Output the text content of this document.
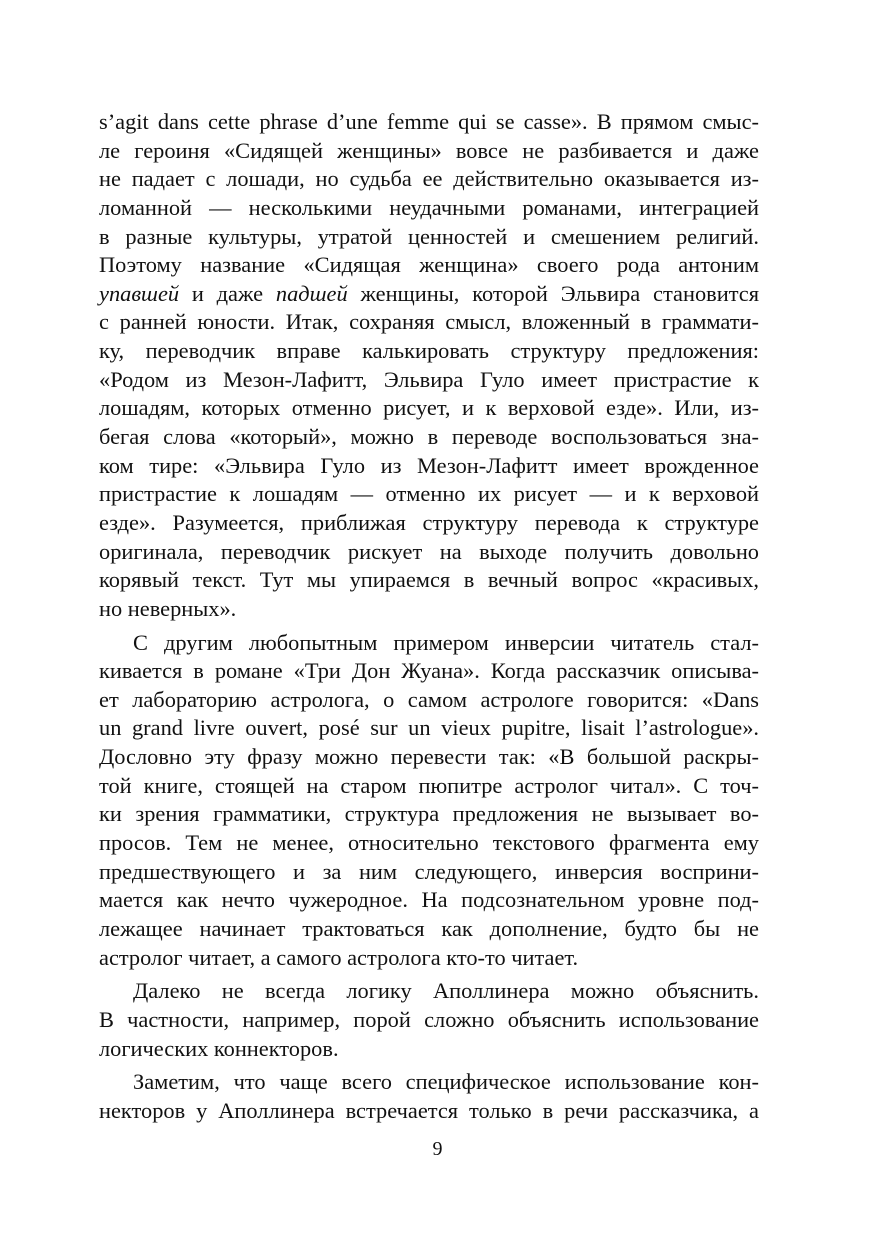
s’agit dans cette phrase d’une femme qui se casse». В прямом смыс-
ле героиня «Сидящей женщины» вовсе не разбивается и даже
не падает с лошади, но судьба ее действительно оказывается из-
ломанной — несколькими неудачными романами, интеграцией
в разные культуры, утратой ценностей и смешением религий.
Поэтому название «Сидящая женщина» своего рода антоним
упавшей и даже падшей женщины, которой Эльвира становится
с ранней юности. Итак, сохраняя смысл, вложенный в граммати-
ку, переводчик вправе калькировать структуру предложения:
«Родом из Мезон-Лафитт, Эльвира Гуло имеет пристрастие к
лошадям, которых отменно рисует, и к верховой езде». Или, из-
бегая слова «который», можно в переводе воспользоваться зна-
ком тире: «Эльвира Гуло из Мезон-Лафитт имеет врожденное
пристрастие к лошадям — отменно их рисует — и к верховой
езде». Разумеется, приближая структуру перевода к структуре
оригинала, переводчик рискует на выходе получить довольно
корявый текст. Тут мы упираемся в вечный вопрос «красивых,
но неверных».
С другим любопытным примером инверсии читатель стал-
кивается в романе «Три Дон Жуана». Когда рассказчик описыва-
ет лабораторию астролога, о самом астрологе говорится: «Dans
un grand livre ouvert, posé sur un vieux pupitre, lisait l’astrologue».
Дословно эту фразу можно перевести так: «В большой раскры-
той книге, стоящей на старом пюпитре астролог читал». С точ-
ки зрения грамматики, структура предложения не вызывает во-
просов. Тем не менее, относительно текстового фрагмента ему
предшествующего и за ним следующего, инверсия восприни-
мается как нечто чужеродное. На подсознательном уровне под-
лежащее начинает трактоваться как дополнение, будто бы не
астролог читает, а самого астролога кто-то читает.
Далеко не всегда логику Аполлинера можно объяснить.
В частности, например, порой сложно объяснить использование
логических коннекторов.
Заметим, что чаще всего специфическое использование кон-
некторов у Аполлинера встречается только в речи рассказчика, а
9
